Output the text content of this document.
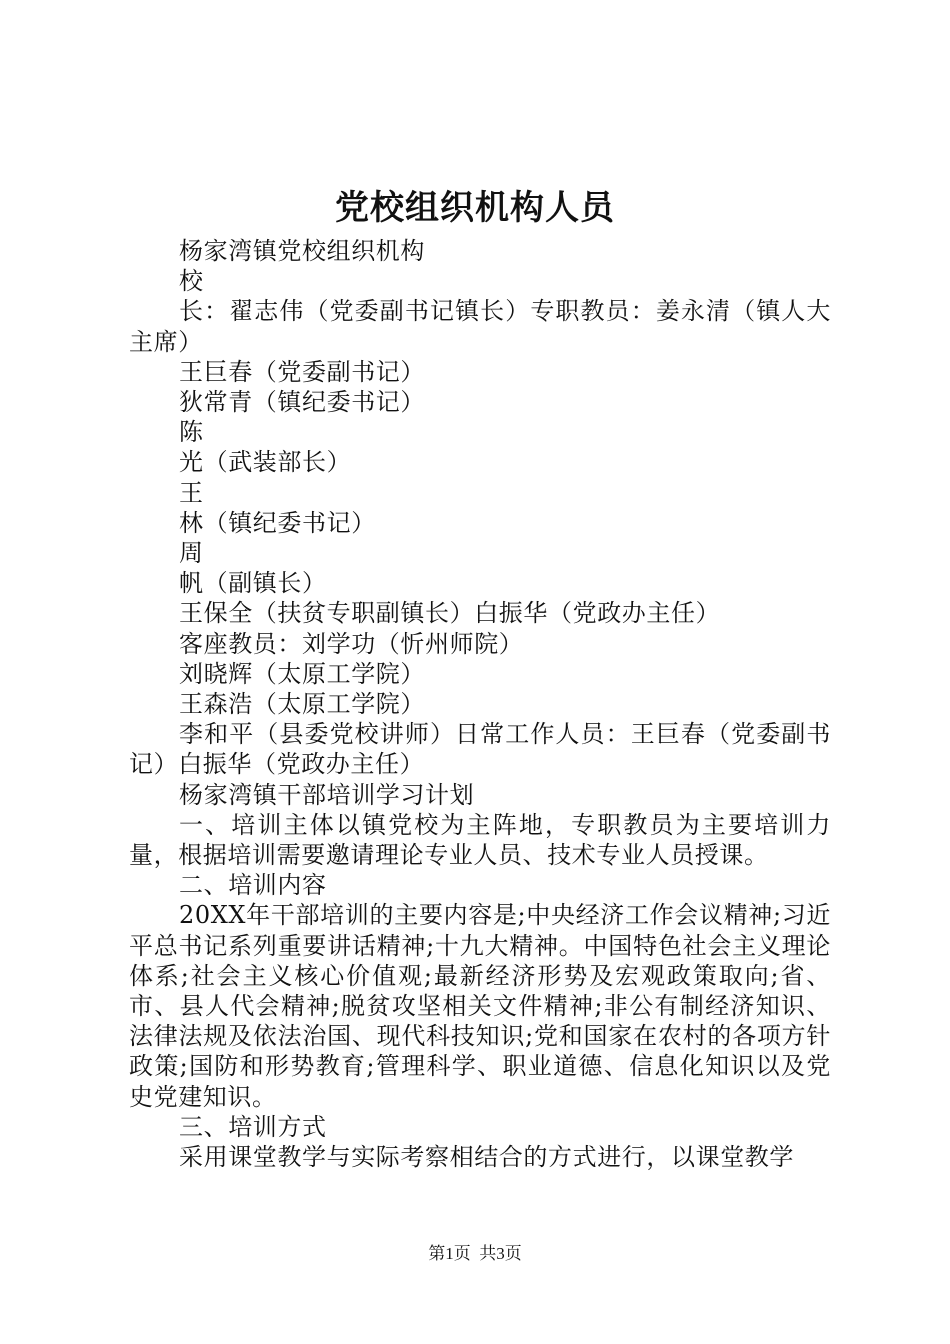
党校组织机构人员

杨家湾镇党校组织机构

校

长：翟志伟（党委副书记镇长）专职教员：姜永清（镇人大主席）

王巨春（党委副书记）

狄常青（镇纪委书记）

陈

光（武装部长）

王

林（镇纪委书记）

周

帆（副镇长）

王保全（扶贫专职副镇长）白振华（党政办主任）

客座教员：刘学功（忻州师院）

刘晓辉（太原工学院）

王森浩（太原工学院）

李和平（县委党校讲师）日常工作人员：王巨春（党委副书记）白振华（党政办主任）

杨家湾镇干部培训学习计划

一、培训主体以镇党校为主阵地，专职教员为主要培训力量，根据培训需要邀请理论专业人员、技术专业人员授课。

二、培训内容

20XX年干部培训的主要内容是;中央经济工作会议精神;习近平总书记系列重要讲话精神;十九大精神。中国特色社会主义理论体系;社会主义核心价值观;最新经济形势及宏观政策取向;省、市、县人代会精神;脱贫攻坚相关文件精神;非公有制经济知识、法律法规及依法治国、现代科技知识;党和国家在农村的各项方针政策;国防和形势教育;管理科学、职业道德、信息化知识以及党史党建知识。

三、培训方式

采用课堂教学与实际考察相结合的方式进行，以课堂教学

第1页 共3页
